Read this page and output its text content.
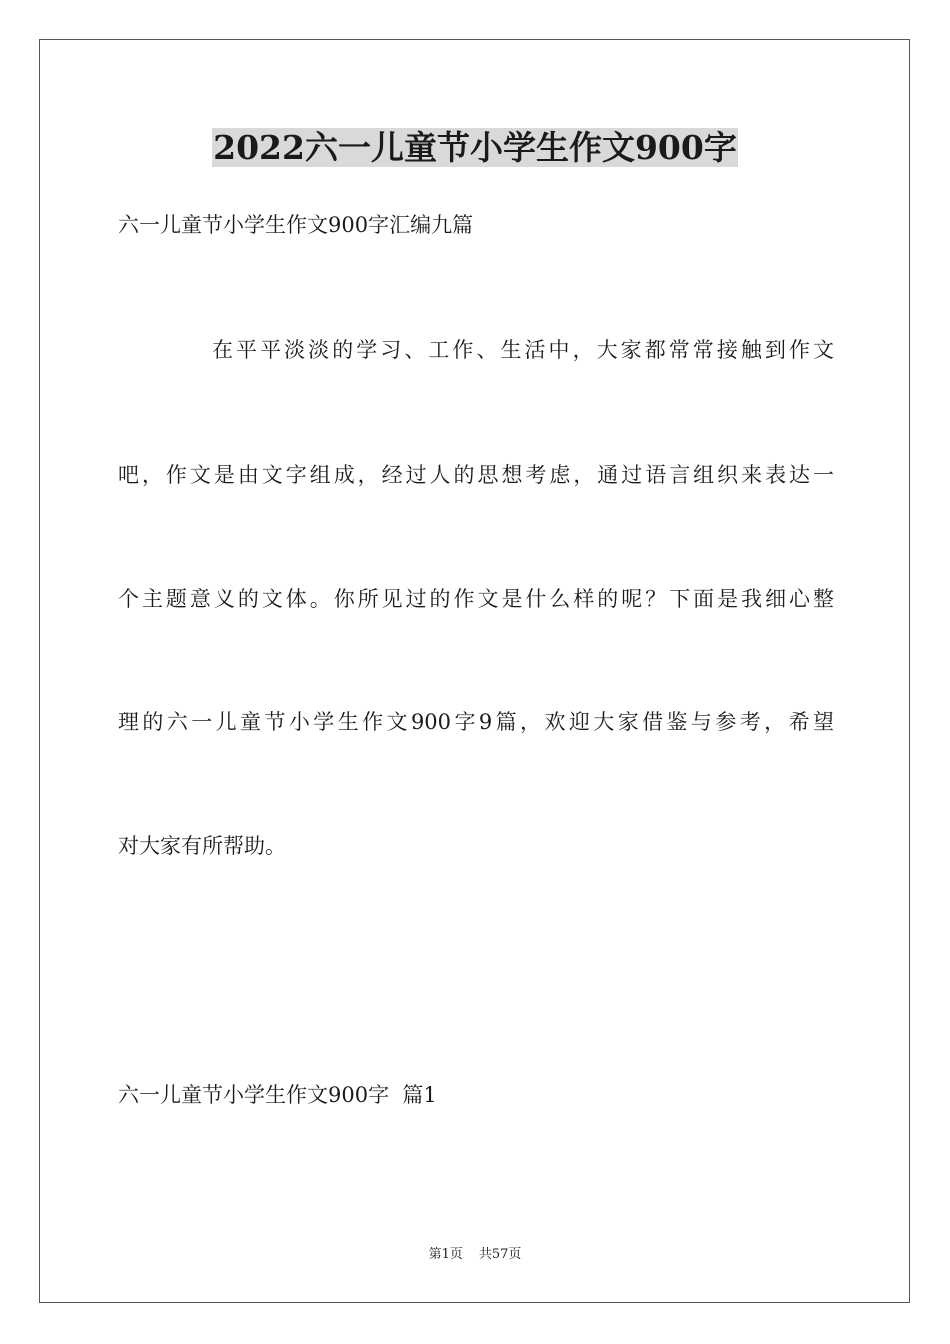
2022六一儿童节小学生作文900字

六一儿童节小学生作文900字汇编九篇

在平平淡淡的学习、工作、生活中，大家都常常接触到作文

吧，作文是由文字组成，经过人的思想考虑，通过语言组织来表达一

个主题意义的文体。你所见过的作文是什么样的呢？下面是我细心整

理的六一儿童节小学生作文900字9篇，欢迎大家借鉴与参考，希望

对大家有所帮助。

六一儿童节小学生作文900字  篇1

第1页 共57页
